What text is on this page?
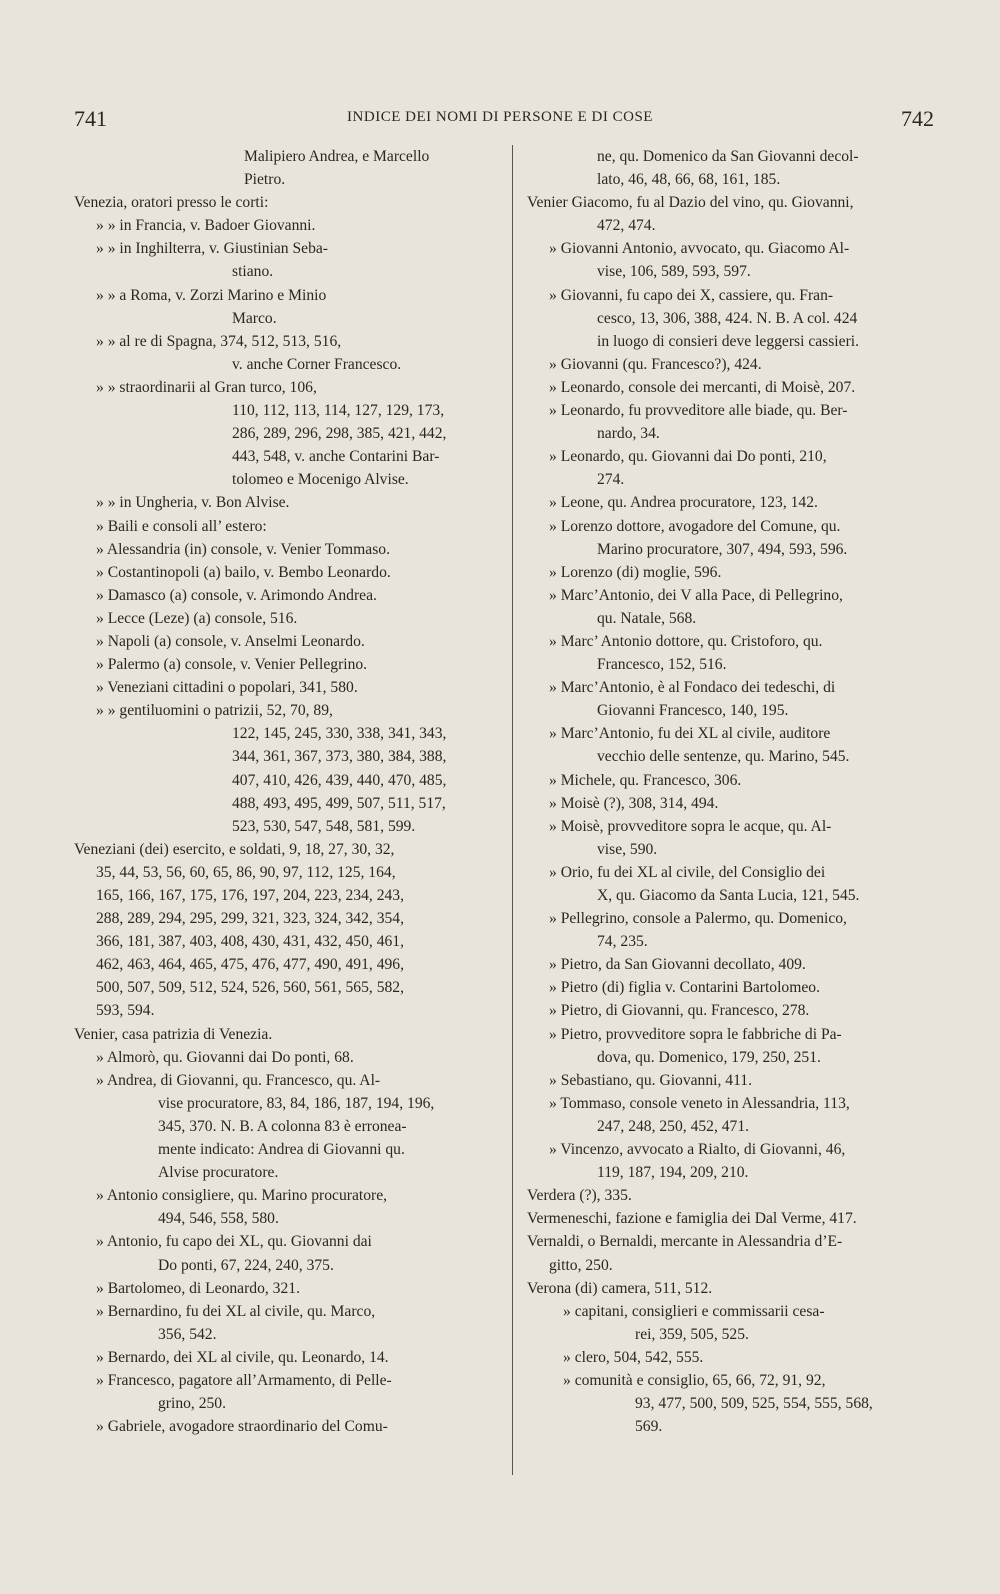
741	INDICE DEI NOMI DI PERSONE E DI COSE	742
Malipiero Andrea, e Marcello
Pietro.
Venezia, oratori presso le corti:
» » in Francia, v. Badoer Giovanni.
» » in Inghilterra, v. Giustinian Seba-
stiano.
» » a Roma, v. Zorzi Marino e Minio
Marco.
» » al re di Spagna, 374, 512, 513, 516,
v. anche Corner Francesco.
» » straordinarii al Gran turco, 106,
110, 112, 113, 114, 127, 129, 173,
286, 289, 296, 298, 385, 421, 442,
443, 548, v. anche Contarini Bar-
tolomeo e Mocenigo Alvise.
» » in Ungheria, v. Bon Alvise.
» Baili e consoli all’ estero:
» Alessandria (in) console, v. Venier Tommaso.
» Costantinopoli (a) bailo, v. Bembo Leonardo.
» Damasco (a) console, v. Arimondo Andrea.
» Lecce (Leze) (a) console, 516.
» Napoli (a) console, v. Anselmi Leonardo.
» Palermo (a) console, v. Venier Pellegrino.
» Veneziani cittadini o popolari, 341, 580.
» » gentiluomini o patrizii, 52, 70, 89,
122, 145, 245, 330, 338, 341, 343,
344, 361, 367, 373, 380, 384, 388,
407, 410, 426, 439, 440, 470, 485,
488, 493, 495, 499, 507, 511, 517,
523, 530, 547, 548, 581, 599.
Veneziani (dei) esercito, e soldati, 9, 18, 27, 30, 32,
35, 44, 53, 56, 60, 65, 86, 90, 97, 112, 125, 164,
165, 166, 167, 175, 176, 197, 204, 223, 234, 243,
288, 289, 294, 295, 299, 321, 323, 324, 342, 354,
366, 181, 387, 403, 408, 430, 431, 432, 450, 461,
462, 463, 464, 465, 475, 476, 477, 490, 491, 496,
500, 507, 509, 512, 524, 526, 560, 561, 565, 582,
593, 594.
Venier, casa patrizia di Venezia.
» Almorò, qu. Giovanni dai Do ponti, 68.
» Andrea, di Giovanni, qu. Francesco, qu. Al-
vise procuratore, 83, 84, 186, 187, 194, 196,
345, 370. N. B. A colonna 83 è erronea-
mente indicato: Andrea di Giovanni qu.
Alvise procuratore.
» Antonio consigliere, qu. Marino procuratore,
494, 546, 558, 580.
» Antonio, fu capo dei XL, qu. Giovanni dai
Do ponti, 67, 224, 240, 375.
» Bartolomeo, di Leonardo, 321.
» Bernardino, fu dei XL al civile, qu. Marco,
356, 542.
» Bernardo, dei XL al civile, qu. Leonardo, 14.
» Francesco, pagatore all’Armamento, di Pelle-
grino, 250.
» Gabriele, avogadore straordinario del Comu-
ne, qu. Domenico da San Giovanni decol-
lato, 46, 48, 66, 68, 161, 185.
Venier Giacomo, fu al Dazio del vino, qu. Giovanni,
472, 474.
» Giovanni Antonio, avvocato, qu. Giacomo Al-
vise, 106, 589, 593, 597.
» Giovanni, fu capo dei X, cassiere, qu. Fran-
cesco, 13, 306, 388, 424. N. B. A col. 424
in luogo di consieri deve leggersi cassieri.
» Giovanni (qu. Francesco?), 424.
» Leonardo, console dei mercanti, di Moisè, 207.
» Leonardo, fu provveditore alle biade, qu. Ber-
nardo, 34.
» Leonardo, qu. Giovanni dai Do ponti, 210,
274.
» Leone, qu. Andrea procuratore, 123, 142.
» Lorenzo dottore, avogadore del Comune, qu.
Marino procuratore, 307, 494, 593, 596.
» Lorenzo (di) moglie, 596.
» Marc’Antonio, dei V alla Pace, di Pellegrino,
qu. Natale, 568.
» Marc’ Antonio dottore, qu. Cristoforo, qu.
Francesco, 152, 516.
» Marc’Antonio, è al Fondaco dei tedeschi, di
Giovanni Francesco, 140, 195.
» Marc’Antonio, fu dei XL al civile, auditore
vecchio delle sentenze, qu. Marino, 545.
» Michele, qu. Francesco, 306.
» Moisè (?), 308, 314, 494.
» Moisè, provveditore sopra le acque, qu. Al-
vise, 590.
» Orio, fu dei XL al civile, del Consiglio dei
X, qu. Giacomo da Santa Lucia, 121, 545.
» Pellegrino, console a Palermo, qu. Domenico,
74, 235.
» Pietro, da San Giovanni decollato, 409.
» Pietro (di) figlia v. Contarini Bartolomeo.
» Pietro, di Giovanni, qu. Francesco, 278.
» Pietro, provveditore sopra le fabbriche di Pa-
dova, qu. Domenico, 179, 250, 251.
» Sebastiano, qu. Giovanni, 411.
» Tommaso, console veneto in Alessandria, 113,
247, 248, 250, 452, 471.
» Vincenzo, avvocato a Rialto, di Giovanni, 46,
119, 187, 194, 209, 210.
Verdera (?), 335.
Vermeneschi, fazione e famiglia dei Dal Verme, 417.
Vernaldi, o Bernaldi, mercante in Alessandria d’E-
gitto, 250.
Verona (di) camera, 511, 512.
» capitani, consiglieri e commissarii cesa-
rei, 359, 505, 525.
» clero, 504, 542, 555.
» comunità e consiglio, 65, 66, 72, 91, 92,
93, 477, 500, 509, 525, 554, 555, 568,
569.
